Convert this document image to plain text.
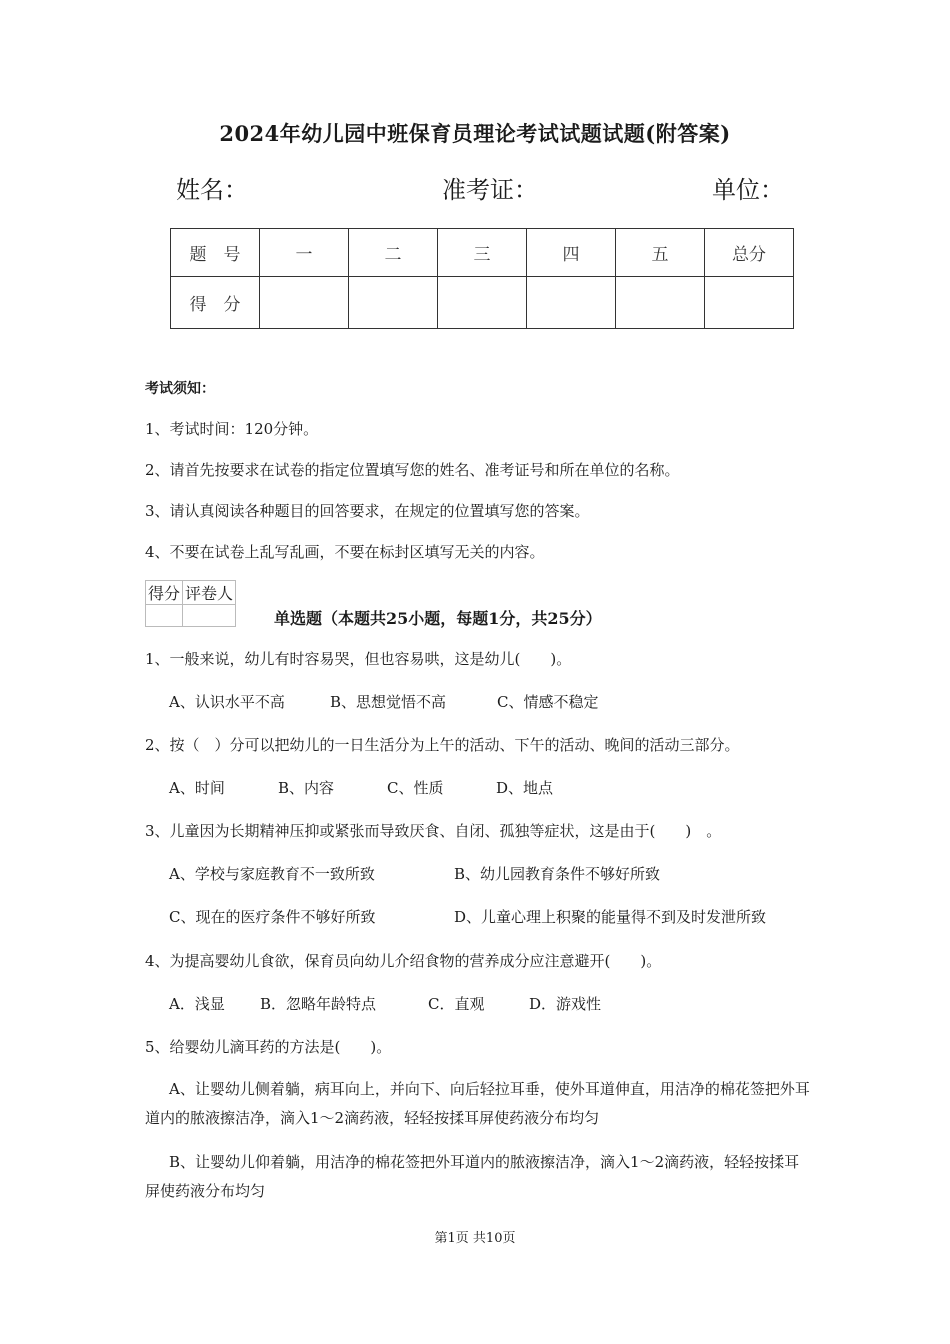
2024年幼儿园中班保育员理论考试试题试题(附答案)
姓名：	准考证：	单位：
题　号	一	二	三	四	五	总分
得　分						
考试须知：
1、考试时间：120分钟。
2、请首先按要求在试卷的指定位置填写您的姓名、准考证号和所在单位的名称。
3、请认真阅读各种题目的回答要求，在规定的位置填写您的答案。
4、不要在试卷上乱写乱画，不要在标封区填写无关的内容。
得分	评卷人

单选题（本题共25小题，每题1分，共25分）
1、一般来说，幼儿有时容易哭，但也容易哄，这是幼儿(　　)。
A、认识水平不高	B、思想觉悟不高	C、情感不稳定
2、按（　）分可以把幼儿的一日生活分为上午的活动、下午的活动、晚间的活动三部分。
A、时间	B、内容	C、性质	D、地点
3、儿童因为长期精神压抑或紧张而导致厌食、自闭、孤独等症状，这是由于(　　)　。
A、学校与家庭教育不一致所致	B、幼儿园教育条件不够好所致
C、现在的医疗条件不够好所致	D、儿童心理上积聚的能量得不到及时发泄所致
4、为提高婴幼儿食欲，保育员向幼儿介绍食物的营养成分应注意避开(　　)。
A．浅显 B．忽略年龄特点	C．直观	D．游戏性
5、给婴幼儿滴耳药的方法是(　　)。
A、让婴幼儿侧着躺，病耳向上，并向下、向后轻拉耳垂，使外耳道伸直，用洁净的棉花签把外耳道内的脓液擦洁净，滴入1～2滴药液，轻轻按揉耳屏使药液分布均匀
B、让婴幼儿仰着躺，用洁净的棉花签把外耳道内的脓液擦洁净，滴入1～2滴药液，轻轻按揉耳屏使药液分布均匀
第1页 共10页
